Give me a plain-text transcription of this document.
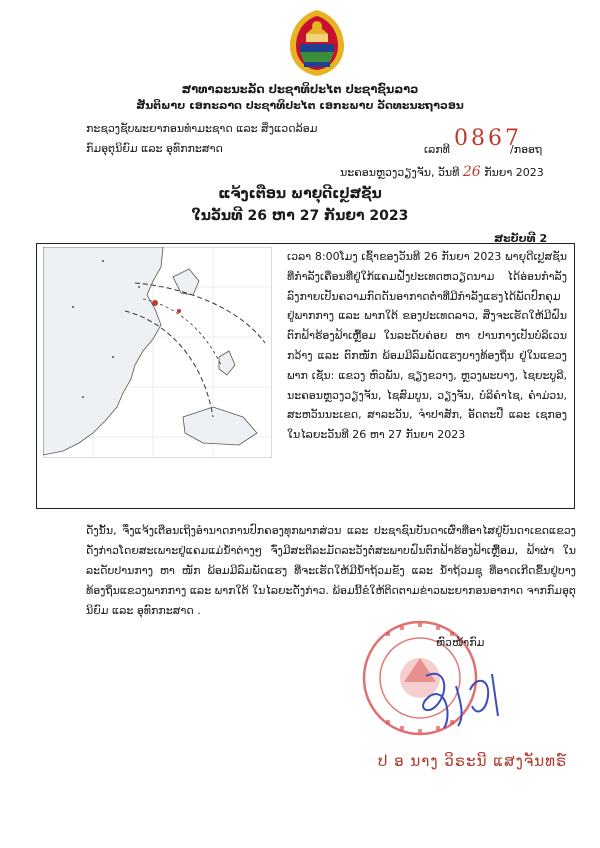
ສາທາລະນະລັດ ປະຊາທິປະໄຕ ປະຊາຊົນລາວ
ສັນຕິພາບ ເອກະລາດ ປະຊາທິປະໄຕ ເອກະພາບ ວັດທະນະຖາວອນ
ກະຊວງຊັບພະຍາກອນທຳມະຊາດ ແລະ ສິ່ງແວດລ້ອມ
ກົມອຸຕຸນິຍົມ ແລະ ອຸທົກກະສາດ	ເລກທີ 0867
/ກອອຖ
ນະຄອນຫຼວງວຽງຈັນ, ວັນທີ 26 ກັນຍາ 2023
ແຈ້ງເຕືອນ ພາຍຸດີເປຼສຊັນ
ໃນວັນທີ 26 ຫາ 27 ກັນຍາ 2023
ສະບັບທີ 2
ເວລາ 8:00ໂມງ ເຊົ້າຂອງວັນທີ 26 ກັນຍາ 2023 ພາຍຸດີເປຼສຊັນ ທີ່ກຳລັງເຄື່ອນທີ່ຢູ່ໃກ້ແຄມຝັ່ງປະເທດຫວຽດນາມ ໄດ້ອ່ອນກຳລັງລົງກາຍເປັນຄວາມກົດດັນອາກາດຕ່ຳທີ່ມີກຳລັງແຮງໄດ້ພັດປົກຄຸມຢູ່ພາກກາງ ແລະ ພາກໃຕ້ ຂອງປະເທດລາວ, ສິ່ງຈະເຮັດໃຫ້ມີຝົນຕົກຟ້າຮ້ອງຟ້າເຫຼື້ອມ ໃນລະດັບຄ່ອຍ ຫາ ປານກາງເປັນບໍລິເວນກວ້າງ ແລະ ຕົກໜັກ ພ້ອມມີລົມພັດແຮງບາງທ້ອງຖິ່ນ ຢູ່ໃນແຂວງພາກ ເຊັ່ນ: ແຂວງ ຫົວພັນ, ຊຽງຂວາງ, ຫຼວງພະບາງ, ໄຊຍະບູລີ, ນະຄອນຫຼວງວຽງຈັນ, ໄຊສົມບູນ, ວຽງຈັນ, ບໍລິຄຳໄຊ, ຄຳມ່ວນ, ສະຫວັນນະເຂດ, ສາລະວັນ, ຈຳປາສັກ, ອັດຕະປື ແລະ ເຊກອງ ໃນໄລຍະວັນທີ 26 ຫາ 27 ກັນຍາ 2023
ດັ່ງນັ້ນ, ຈຶ່ງແຈ້ງເຕືອນເຖິງອຳນາດການປົກຄອງທຸກພາກສ່ວນ ແລະ ປະຊາຊົນບັນດາເຜົ່າທີ່ອາໄສຢູ່ບັນດາເຂດແຂວງດັ່ງກ່າວໂດຍສະເພາະຢູ່ແຄມແມ່ນ້ຳຕ່າງໆ ຈົ່ງມີສະຕິລະມັດລະວັງຕໍ່ສະພາບຝົນຕົກຟ້າຮ້ອງຟ້າເຫຼື້ອມ, ຟ້າຜ່າ ໃນລະດັບປານກາງ ຫາ ໜັກ ພ້ອມມີລົມພັດແຮງ ທີ່ຈະເຮັດໃຫ້ມີນ້ຳຖ້ວມຂັງ ແລະ ນ້ຳຖ້ວມຊຸ ທີ່ອາດເກີດຂຶ້ນຢູ່ບາງທ້ອງຖິ່ນແຂວງພາກກາງ ແລະ ພາກໃຕ້ ໃນໄລຍະດັ່ງກ່າວ. ພ້ອມນີ້ຂໍໃຫ້ຕິດຕາມຂ່າວພະຍາກອນອາກາດ ຈາກກົມອຸຕຸນິຍົມ ແລະ ອຸທົກກະສາດ .
ຫົວໜ້າກົມ
ປ ອ ນາງ ວິຣະນີ ແສງຈັນທຣ໌
